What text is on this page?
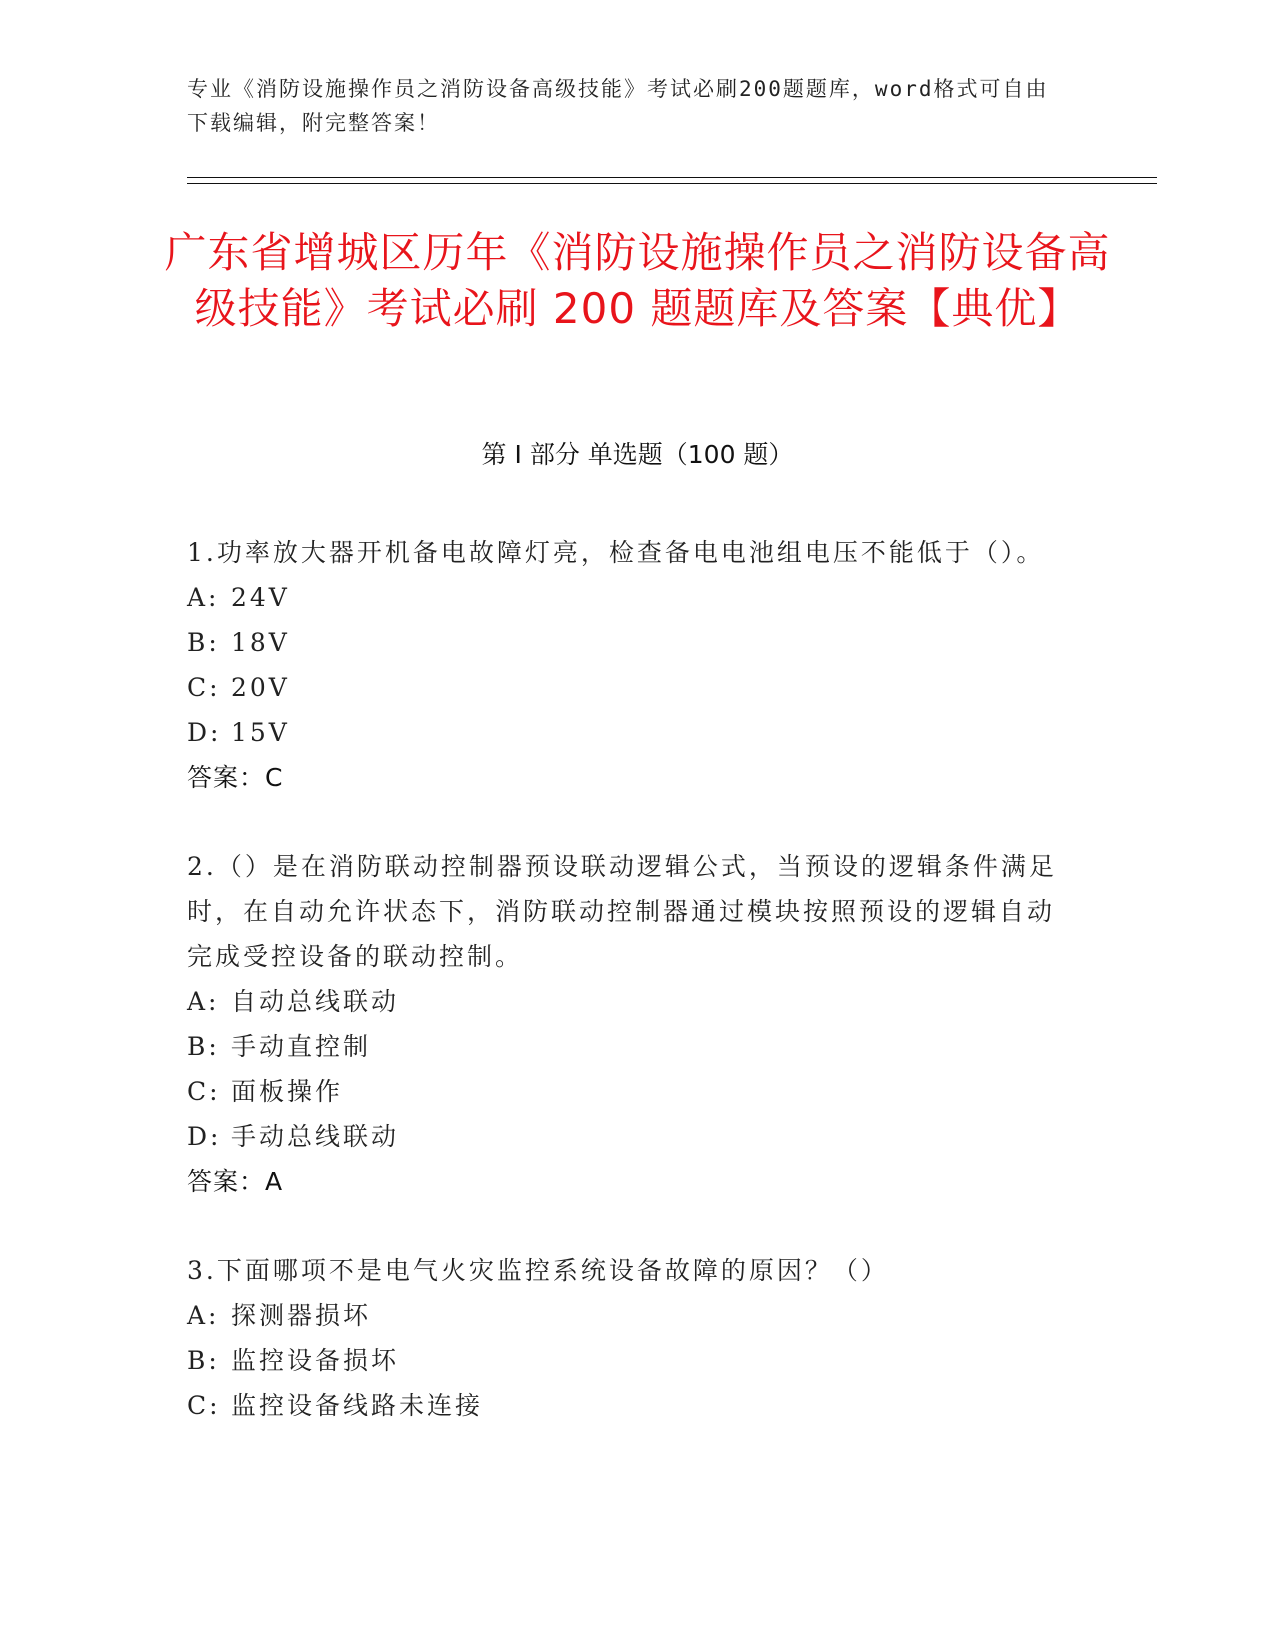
专业《消防设施操作员之消防设备高级技能》考试必刷200题题库，word格式可自由下载编辑，附完整答案！
广东省增城区历年《消防设施操作员之消防设备高级技能》考试必刷 200 题题库及答案【典优】
第 I 部分 单选题（100 题）

1.功率放大器开机备电故障灯亮，检查备电电池组电压不能低于（）。

A: 24V

B: 18V

C: 20V

D: 15V

答案：C

2.（）是在消防联动控制器预设联动逻辑公式，当预设的逻辑条件满足时，在自动允许状态下，消防联动控制器通过模块按照预设的逻辑自动完成受控设备的联动控制。

A: 自动总线联动

B: 手动直控制

C: 面板操作

D: 手动总线联动

答案：A

3.下面哪项不是电气火灾监控系统设备故障的原因？（）

A: 探测器损坏

B: 监控设备损坏

C: 监控设备线路未连接
